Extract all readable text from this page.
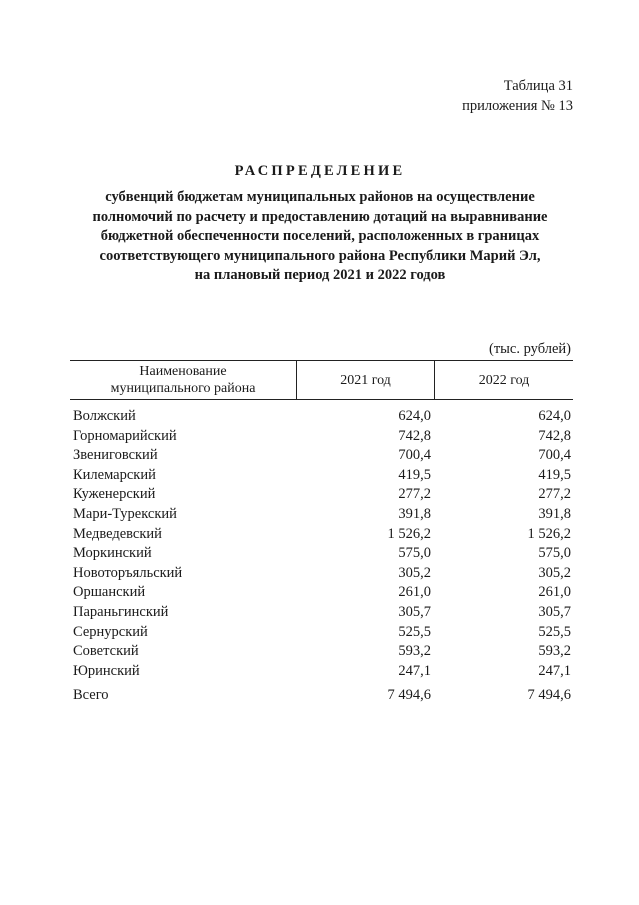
Таблица 31
приложения № 13
РАСПРЕДЕЛЕНИЕ
субвенций бюджетам муниципальных районов на осуществление
полномочий по расчету и предоставлению дотаций на выравнивание
бюджетной обеспеченности поселений, расположенных в границах
соответствующего муниципального района Республики Марий Эл,
на плановый период 2021 и 2022 годов
(тыс. рублей)
Наименование
муниципального района
2021 год	2022 год
Волжский	624,0	624,0
Горномарийский	742,8	742,8
Звениговский	700,4	700,4
Килемарский	419,5	419,5
Куженерский	277,2	277,2
Мари-Турекский	391,8	391,8
Медведевский	1 526,2	1 526,2
Моркинский	575,0	575,0
Новоторъяльский	305,2	305,2
Оршанский	261,0	261,0
Параньгинский	305,7	305,7
Сернурский	525,5	525,5
Советский	593,2	593,2
Юринский	247,1	247,1
Всего	7 494,6	7 494,6
